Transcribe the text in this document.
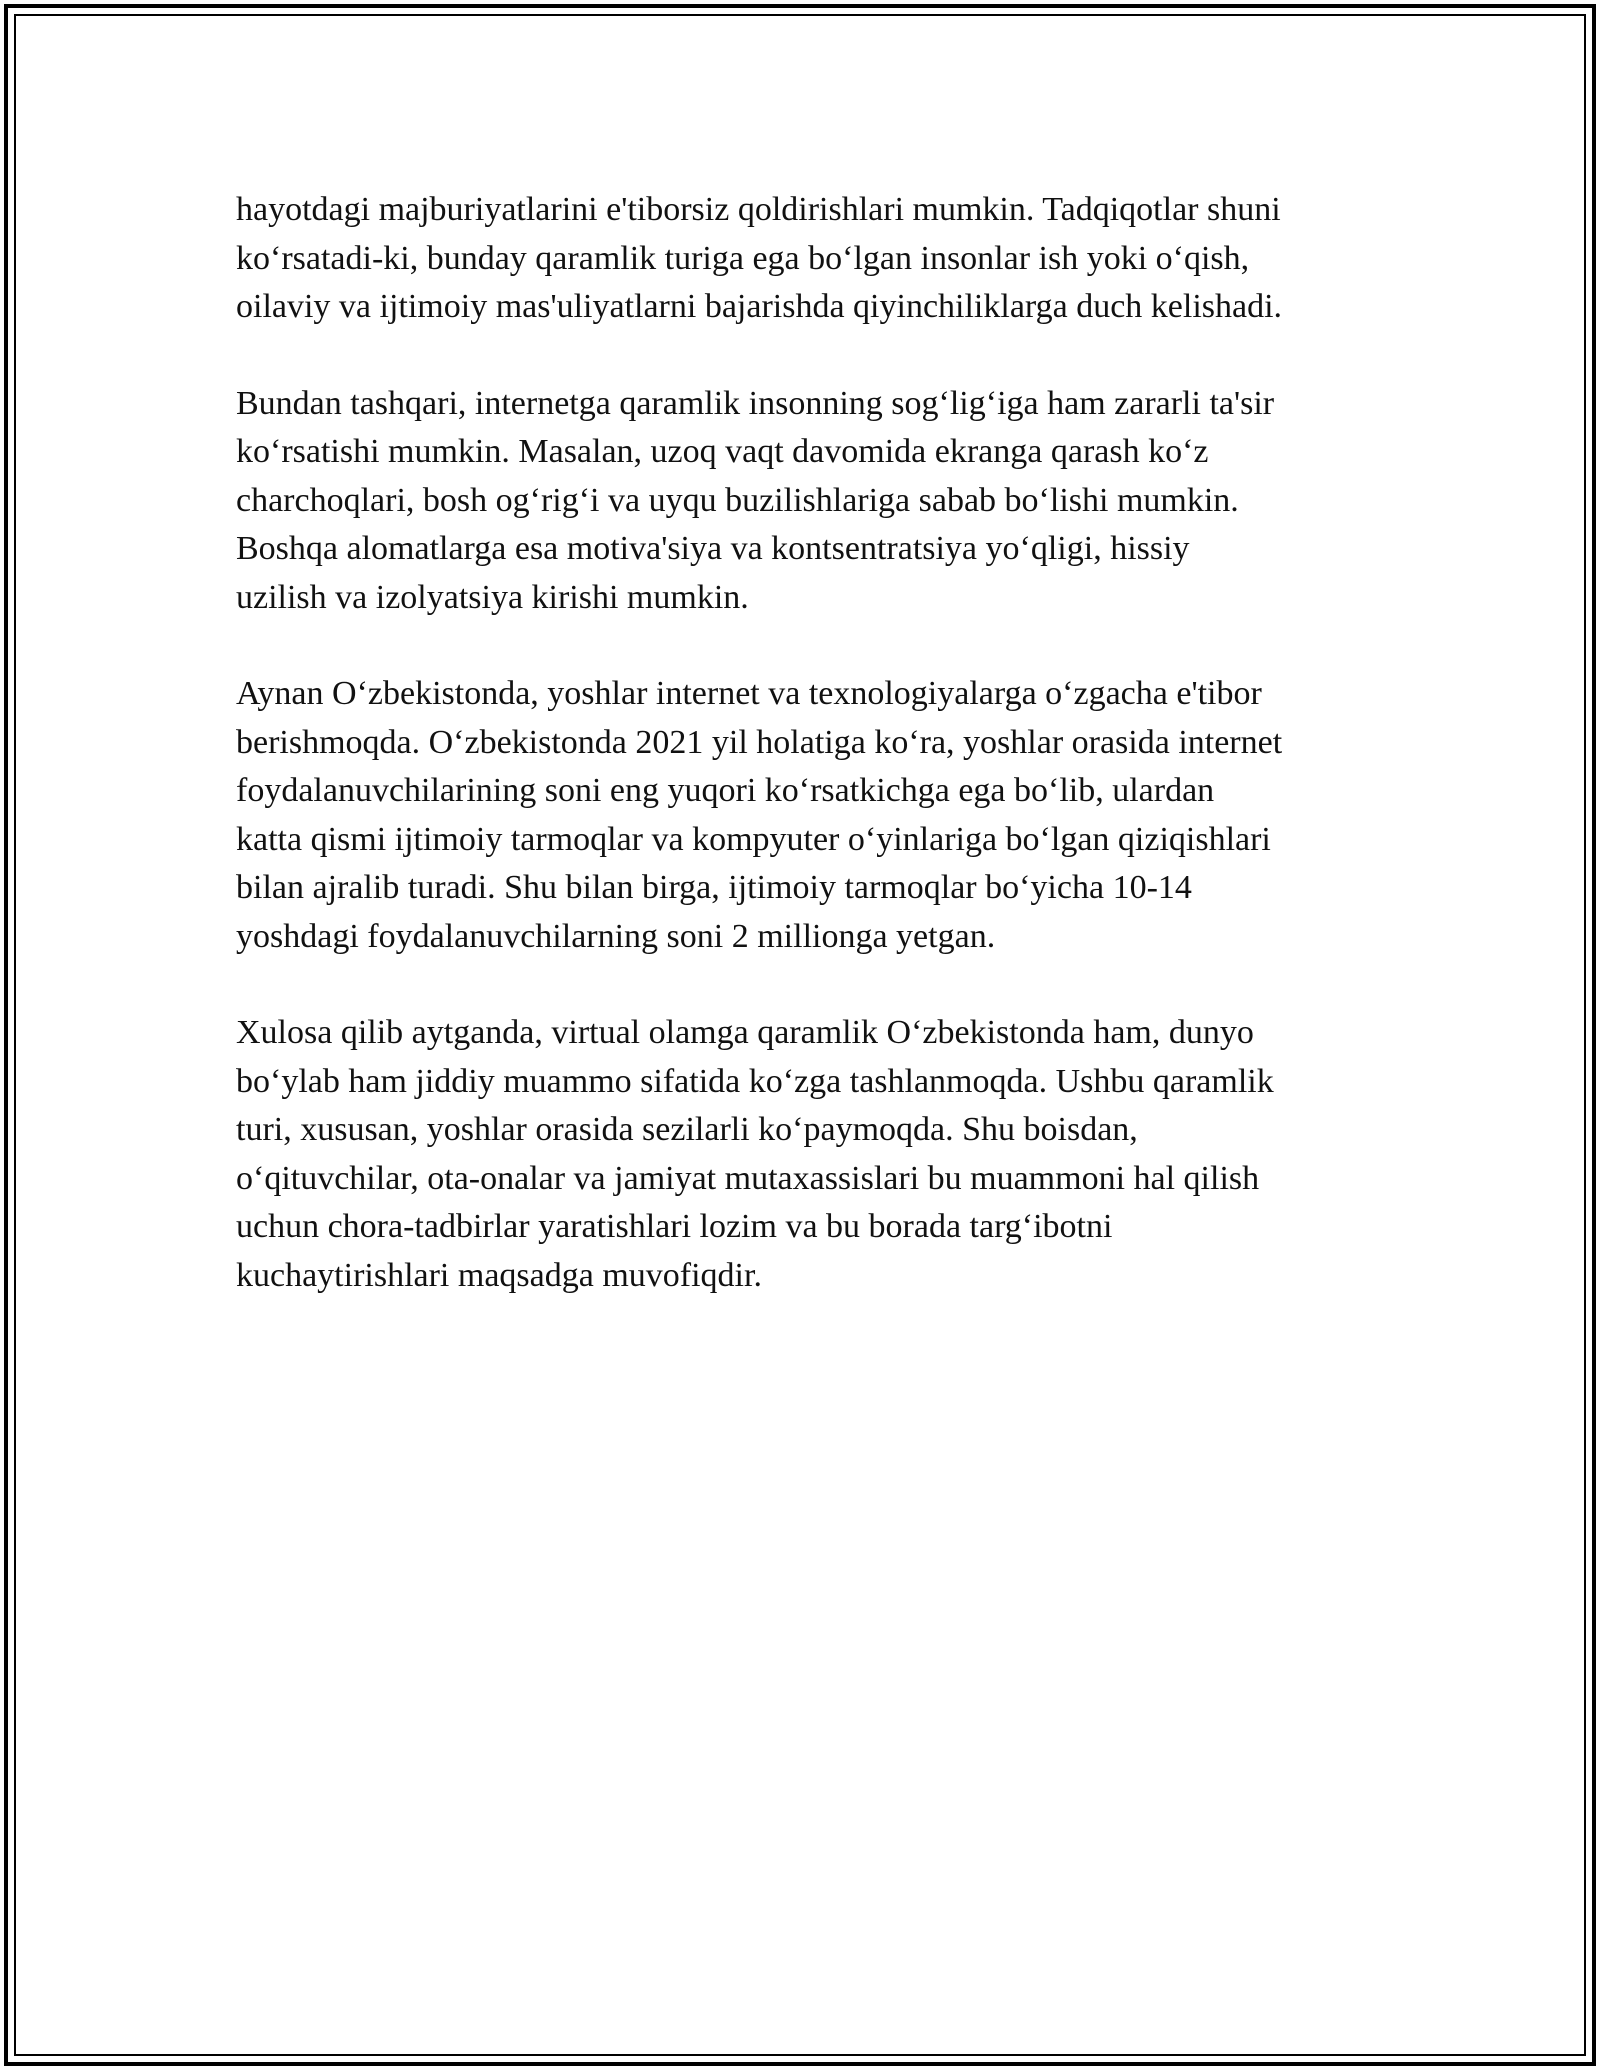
hayotdagi majburiyatlarini e'tiborsiz qoldirishlari mumkin. Tadqiqotlar shuni
ko‘rsatadi-ki, bunday qaramlik turiga ega bo‘lgan insonlar ish yoki o‘qish,
oilaviy va ijtimoiy mas'uliyatlarni bajarishda qiyinchiliklarga duch kelishadi.

Bundan tashqari, internetga qaramlik insonning sog‘lig‘iga ham zararli ta'sir
ko‘rsatishi mumkin. Masalan, uzoq vaqt davomida ekranga qarash ko‘z
charchoqlari, bosh og‘rig‘i va uyqu buzilishlariga sabab bo‘lishi mumkin.
Boshqa alomatlarga esa motiva'siya va kontsentratsiya yo‘qligi, hissiy
uzilish va izolyatsiya kirishi mumkin.

Aynan O‘zbekistonda, yoshlar internet va texnologiyalarga o‘zgacha e'tibor
berishmoqda. O‘zbekistonda 2021 yil holatiga ko‘ra, yoshlar orasida internet
foydalanuvchilarining soni eng yuqori ko‘rsatkichga ega bo‘lib, ulardan
katta qismi ijtimoiy tarmoqlar va kompyuter o‘yinlariga bo‘lgan qiziqishlari
bilan ajralib turadi. Shu bilan birga, ijtimoiy tarmoqlar bo‘yicha 10-14
yoshdagi foydalanuvchilarning soni 2 millionga yetgan.

Xulosa qilib aytganda, virtual olamga qaramlik O‘zbekistonda ham, dunyo
bo‘ylab ham jiddiy muammo sifatida ko‘zga tashlanmoqda. Ushbu qaramlik
turi, xususan, yoshlar orasida sezilarli ko‘paymoqda. Shu boisdan,
o‘qituvchilar, ota-onalar va jamiyat mutaxassislari bu muammoni hal qilish
uchun chora-tadbirlar yaratishlari lozim va bu borada targ‘ibotni
kuchaytirishlari maqsadga muvofiqdir.
